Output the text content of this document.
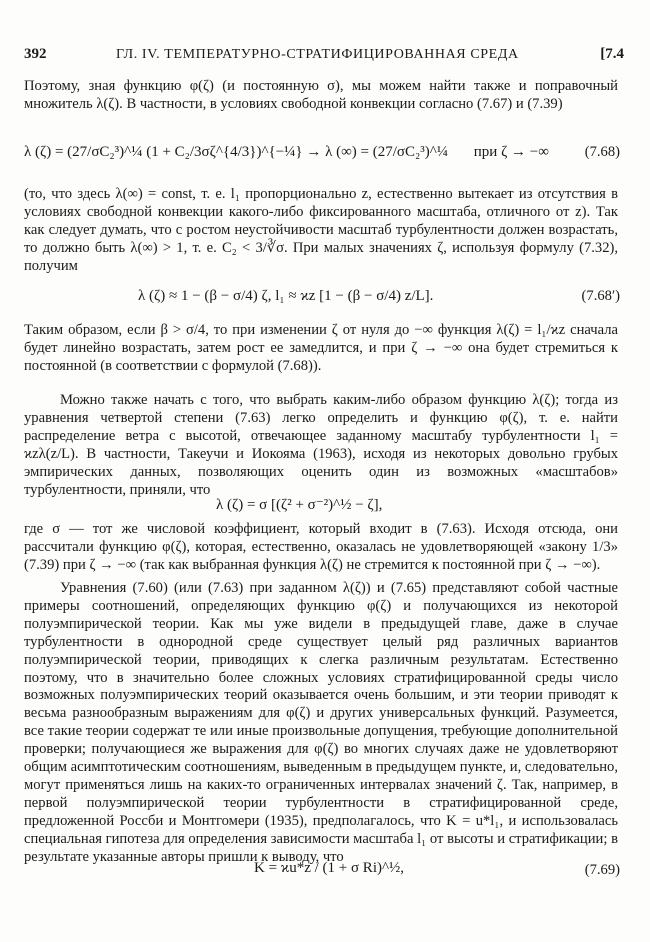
392	ГЛ. IV. ТЕМПЕРАТУРНО-СТРАТИФИЦИРОВАННАЯ СРЕДА	[7.4
Поэтому, зная функцию φ(ζ) (и постоянную σ), мы можем найти также и поправочный множитель λ(ζ). В частности, в условиях свободной конвекции согласно (7.67) и (7.39)
λ (ζ) = (27/σC₂³)^¼ (1 + C₂/3σζ^{4/3})^{−¼} → λ (∞) = (27/σC₂³)^¼ при ζ → −∞ (7.68)
(то, что здесь λ(∞) = const, т. е. l₁ пропорционально z, естественно вытекает из отсутствия в условиях свободной конвекции какого-либо фиксированного масштаба, отличного от z). Так как следует думать, что с ростом неустойчивости масштаб турбулентности должен возрастать, то должно быть λ(∞) > 1, т. е. C₂ < 3/∛σ. При малых значениях ζ, используя формулу (7.32), получим
λ (ζ) ≈ 1 − (β − σ/4) ζ, l₁ ≈ ϰz [1 − (β − σ/4) z/L].	(7.68′)
Таким образом, если β > σ/4, то при изменении ζ от нуля до −∞ функция λ(ζ) = l₁/ϰz сначала будет линейно возрастать, затем рост ее замедлится, и при ζ → −∞ она будет стремиться к постоянной (в соответствии с формулой (7.68)).
Можно также начать с того, что выбрать каким-либо образом функцию λ(ζ); тогда из уравнения четвертой степени (7.63) легко определить и функцию φ(ζ), т. е. найти распределение ветра с высотой, отвечающее заданному масштабу турбулентности l₁ = ϰzλ(z/L). В частности, Такеучи и Иокояма (1963), исходя из некоторых довольно грубых эмпирических данных, позволяющих оценить один из возможных «масштабов» турбулентности, приняли, что
λ (ζ) = σ [(ζ² + σ⁻²)^½ − ζ],
где σ — тот же числовой коэффициент, который входит в (7.63). Исходя отсюда, они рассчитали функцию φ(ζ), которая, естественно, оказалась не удовлетворяющей «закону 1/3» (7.39) при ζ → −∞ (так как выбранная функция λ(ζ) не стремится к постоянной при ζ → −∞).
Уравнения (7.60) (или (7.63) при заданном λ(ζ)) и (7.65) представляют собой частные примеры соотношений, определяющих функцию φ(ζ) и получающихся из некоторой полуэмпирической теории. Как мы уже видели в предыдущей главе, даже в случае турбулентности в однородной среде существует целый ряд различных вариантов полуэмпирической теории, приводящих к слегка различным результатам. Естественно поэтому, что в значительно более сложных условиях стратифицированной среды число возможных полуэмпирических теорий оказывается очень большим, и эти теории приводят к весьма разнообразным выражениям для φ(ζ) и других универсальных функций. Разумеется, все такие теории содержат те или иные произвольные допущения, требующие дополнительной проверки; получающиеся же выражения для φ(ζ) во многих случаях даже не удовлетворяют общим асимптотическим соотношениям, выведенным в предыдущем пункте, и, следовательно, могут применяться лишь на каких-то ограниченных интервалах значений ζ. Так, например, в первой полуэмпирической теории турбулентности в стратифицированной среде, предложенной Россби и Монтгомери (1935), предполагалось, что K = u*l₁, и использовалась специальная гипотеза для определения зависимости масштаба l₁ от высоты и стратификации; в результате указанные авторы пришли к выводу, что
K = ϰu*z / (1 + σ Ri)^½,	(7.69)
